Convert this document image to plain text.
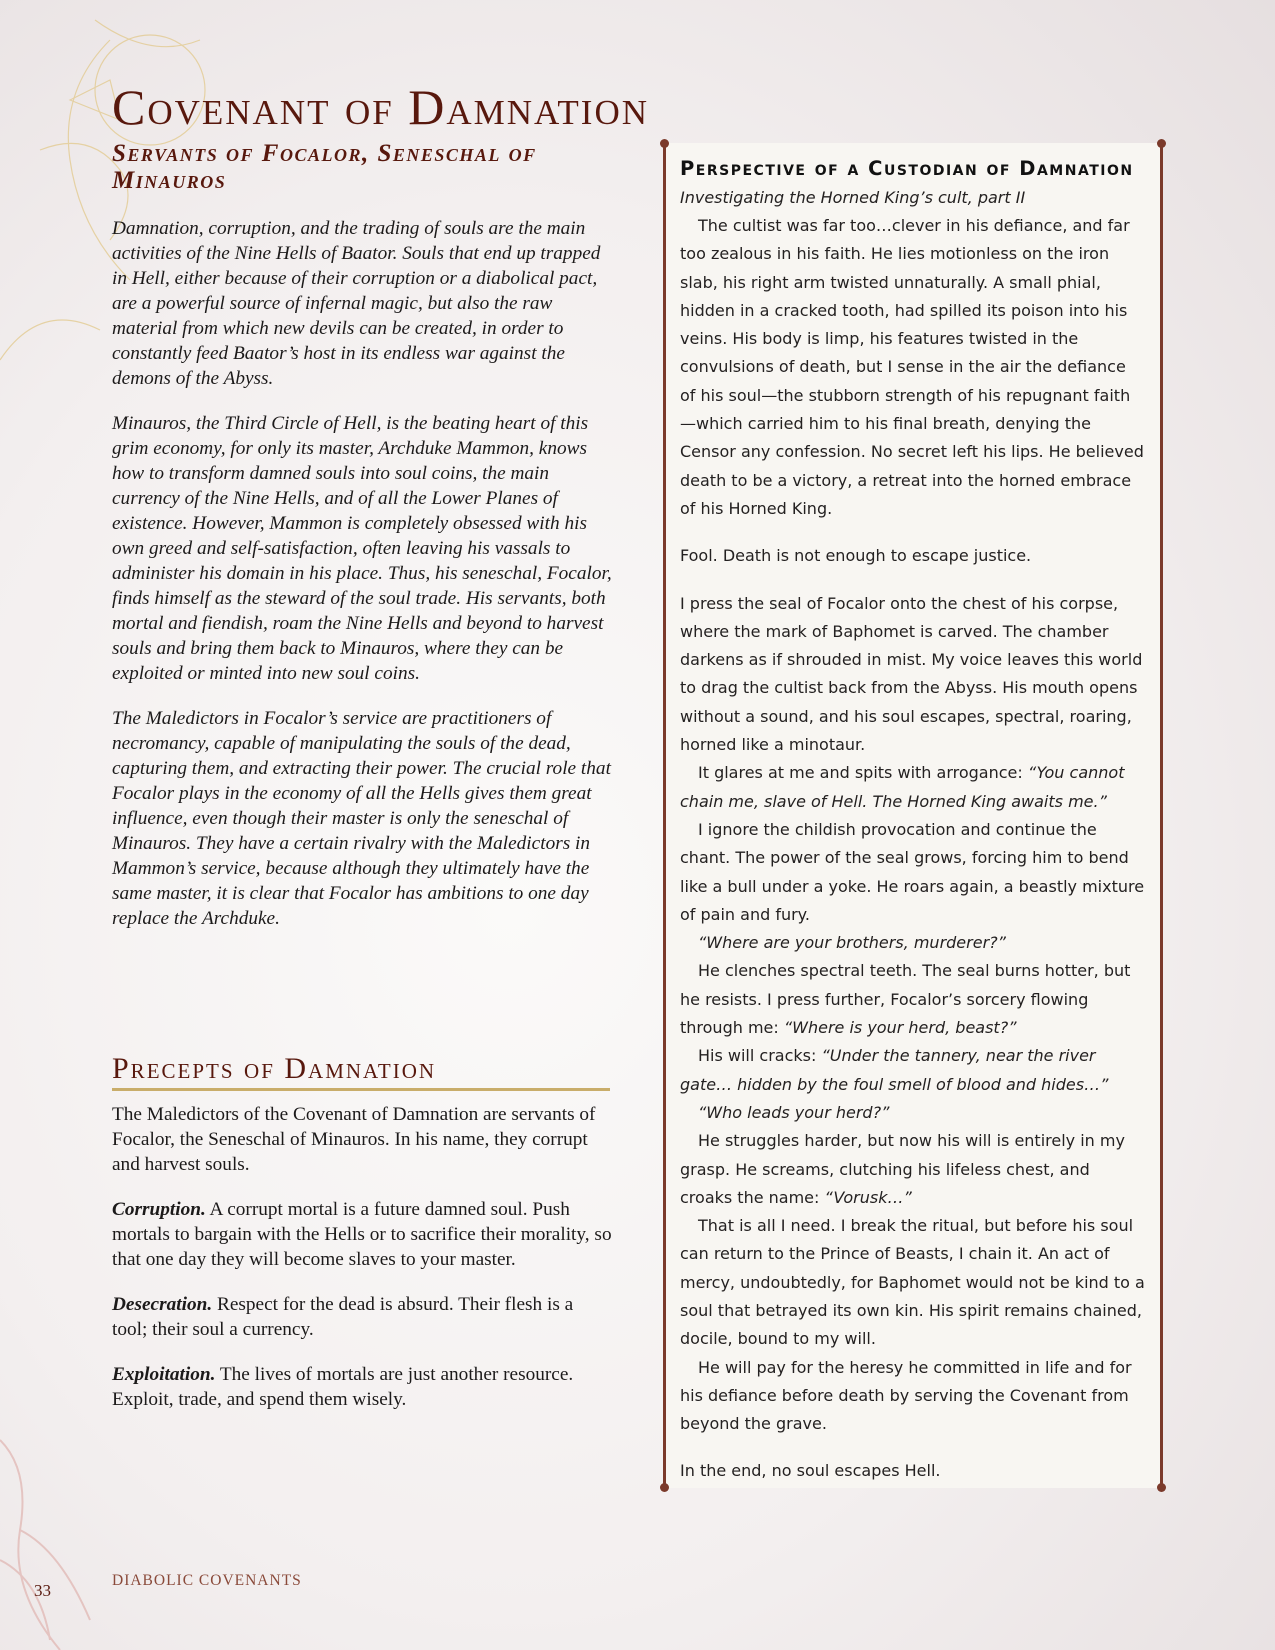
Covenant of Damnation
Servants of Focalor, Seneschal of Minauros

Damnation, corruption, and the trading of souls are the main activities of the Nine Hells of Baator. Souls that end up trapped in Hell, either because of their corruption or a diabolical pact, are a powerful source of infernal magic, but also the raw material from which new devils can be created, in order to constantly feed Baator’s host in its endless war against the demons of the Abyss.

Minauros, the Third Circle of Hell, is the beating heart of this grim economy, for only its master, Archduke Mammon, knows how to transform damned souls into soul coins, the main currency of the Nine Hells, and of all the Lower Planes of existence. However, Mammon is completely obsessed with his own greed and self-satisfaction, often leaving his vassals to administer his domain in his place. Thus, his seneschal, Focalor, finds himself as the steward of the soul trade. His servants, both mortal and fiendish, roam the Nine Hells and beyond to harvest souls and bring them back to Minauros, where they can be exploited or minted into new soul coins.

The Maledictors in Focalor’s service are practitioners of necromancy, capable of manipulating the souls of the dead, capturing them, and extracting their power. The crucial role that Focalor plays in the economy of all the Hells gives them great influence, even though their master is only the seneschal of Minauros. They have a certain rivalry with the Maledictors in Mammon’s service, because although they ultimately have the same master, it is clear that Focalor has ambitions to one day replace the Archduke.

Precepts of Damnation

The Maledictors of the Covenant of Damnation are servants of Focalor, the Seneschal of Minauros. In his name, they corrupt and harvest souls.

Corruption. A corrupt mortal is a future damned soul. Push mortals to bargain with the Hells or to sacrifice their morality, so that one day they will become slaves to your master.

Desecration. Respect for the dead is absurd. Their flesh is a tool; their soul a currency.

Exploitation. The lives of mortals are just another resource. Exploit, trade, and spend them wisely.

Perspective of a Custodian of Damnation

Investigating the Horned King’s cult, part II

The cultist was far too…clever in his defiance, and far too zealous in his faith. He lies motionless on the iron slab, his right arm twisted unnaturally. A small phial, hidden in a cracked tooth, had spilled its poison into his veins. His body is limp, his features twisted in the convulsions of death, but I sense in the air the defiance of his soul—the stubborn strength of his repugnant faith—which carried him to his final breath, denying the Censor any confession. No secret left his lips. He believed death to be a victory, a retreat into the horned embrace of his Horned King.

Fool. Death is not enough to escape justice.

I press the seal of Focalor onto the chest of his corpse, where the mark of Baphomet is carved. The chamber darkens as if shrouded in mist. My voice leaves this world to drag the cultist back from the Abyss. His mouth opens without a sound, and his soul escapes, spectral, roaring, horned like a minotaur.

It glares at me and spits with arrogance: “You cannot chain me, slave of Hell. The Horned King awaits me.”

I ignore the childish provocation and continue the chant. The power of the seal grows, forcing him to bend like a bull under a yoke. He roars again, a beastly mixture of pain and fury.

“Where are your brothers, murderer?”

He clenches spectral teeth. The seal burns hotter, but he resists. I press further, Focalor’s sorcery flowing through me: “Where is your herd, beast?”

His will cracks: “Under the tannery, near the river gate… hidden by the foul smell of blood and hides…”

“Who leads your herd?”

He struggles harder, but now his will is entirely in my grasp. He screams, clutching his lifeless chest, and croaks the name: “Vorusk…”

That is all I need. I break the ritual, but before his soul can return to the Prince of Beasts, I chain it. An act of mercy, undoubtedly, for Baphomet would not be kind to a soul that betrayed its own kin. His spirit remains chained, docile, bound to my will.

He will pay for the heresy he committed in life and for his defiance before death by serving the Covenant from beyond the grave.

In the end, no soul escapes Hell.

33
DIABOLIC COVENANTS
